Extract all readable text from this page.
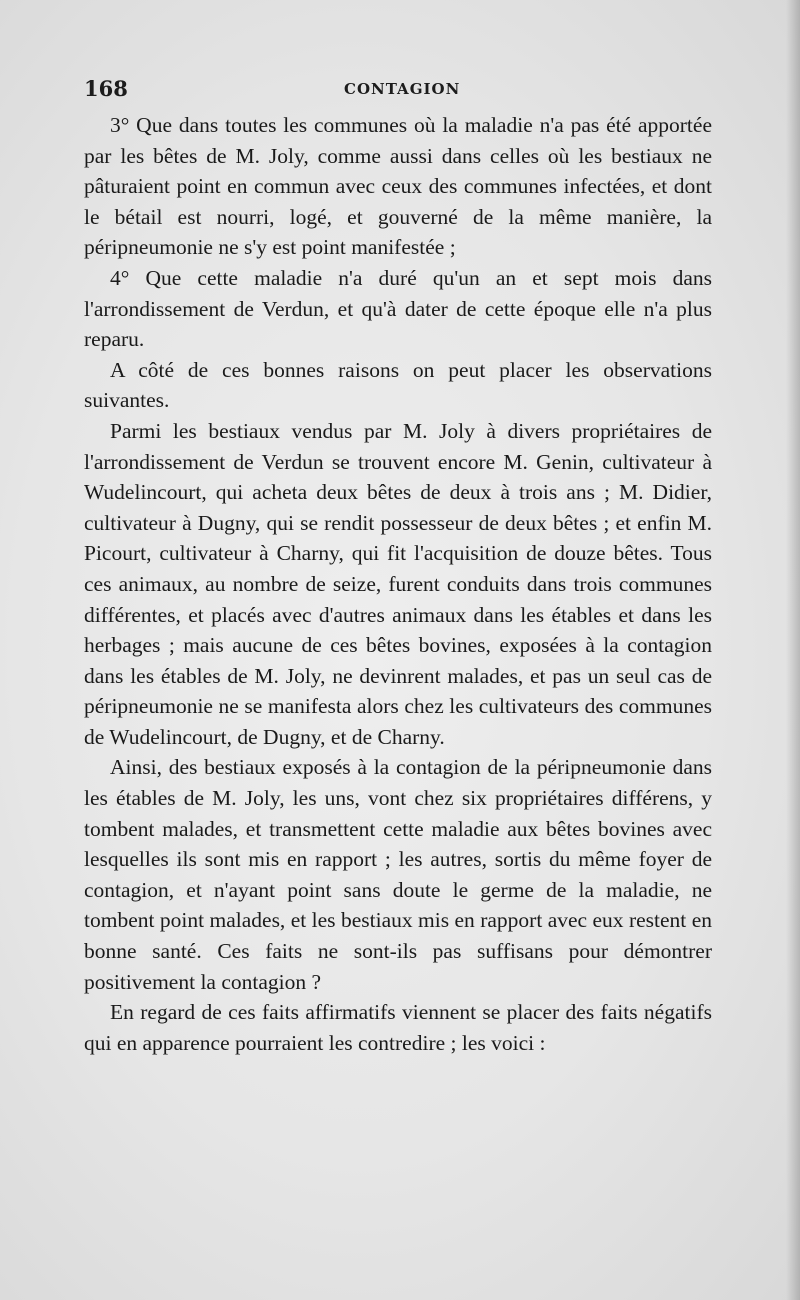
168	CONTAGION

3° Que dans toutes les communes où la maladie n'a pas été apportée par les bêtes de M. Joly, comme aussi dans celles où les bestiaux ne pâturaient point en commun avec ceux des communes infectées, et dont le bétail est nourri, logé, et gouverné de la même manière, la péripneumonie ne s'y est point manifestée ;

4° Que cette maladie n'a duré qu'un an et sept mois dans l'arrondissement de Verdun, et qu'à dater de cette époque elle n'a plus reparu.

A côté de ces bonnes raisons on peut placer les observations suivantes.

Parmi les bestiaux vendus par M. Joly à divers propriétaires de l'arrondissement de Verdun se trouvent encore M. Genin, cultivateur à Wudelincourt, qui acheta deux bêtes de deux à trois ans ; M. Didier, cultivateur à Dugny, qui se rendit possesseur de deux bêtes ; et enfin M. Picourt, cultivateur à Charny, qui fit l'acquisition de douze bêtes. Tous ces animaux, au nombre de seize, furent conduits dans trois communes différentes, et placés avec d'autres animaux dans les étables et dans les herbages ; mais aucune de ces bêtes bovines, exposées à la contagion dans les étables de M. Joly, ne devinrent malades, et pas un seul cas de péripneumonie ne se manifesta alors chez les cultivateurs des communes de Wudelincourt, de Dugny, et de Charny.

Ainsi, des bestiaux exposés à la contagion de la péripneumonie dans les étables de M. Joly, les uns, vont chez six propriétaires différens, y tombent malades, et transmettent cette maladie aux bêtes bovines avec lesquelles ils sont mis en rapport ; les autres, sortis du même foyer de contagion, et n'ayant point sans doute le germe de la maladie, ne tombent point malades, et les bestiaux mis en rapport avec eux restent en bonne santé. Ces faits ne sont-ils pas suffisans pour démontrer positivement la contagion ?

En regard de ces faits affirmatifs viennent se placer des faits négatifs qui en apparence pourraient les contredire ; les voici :
